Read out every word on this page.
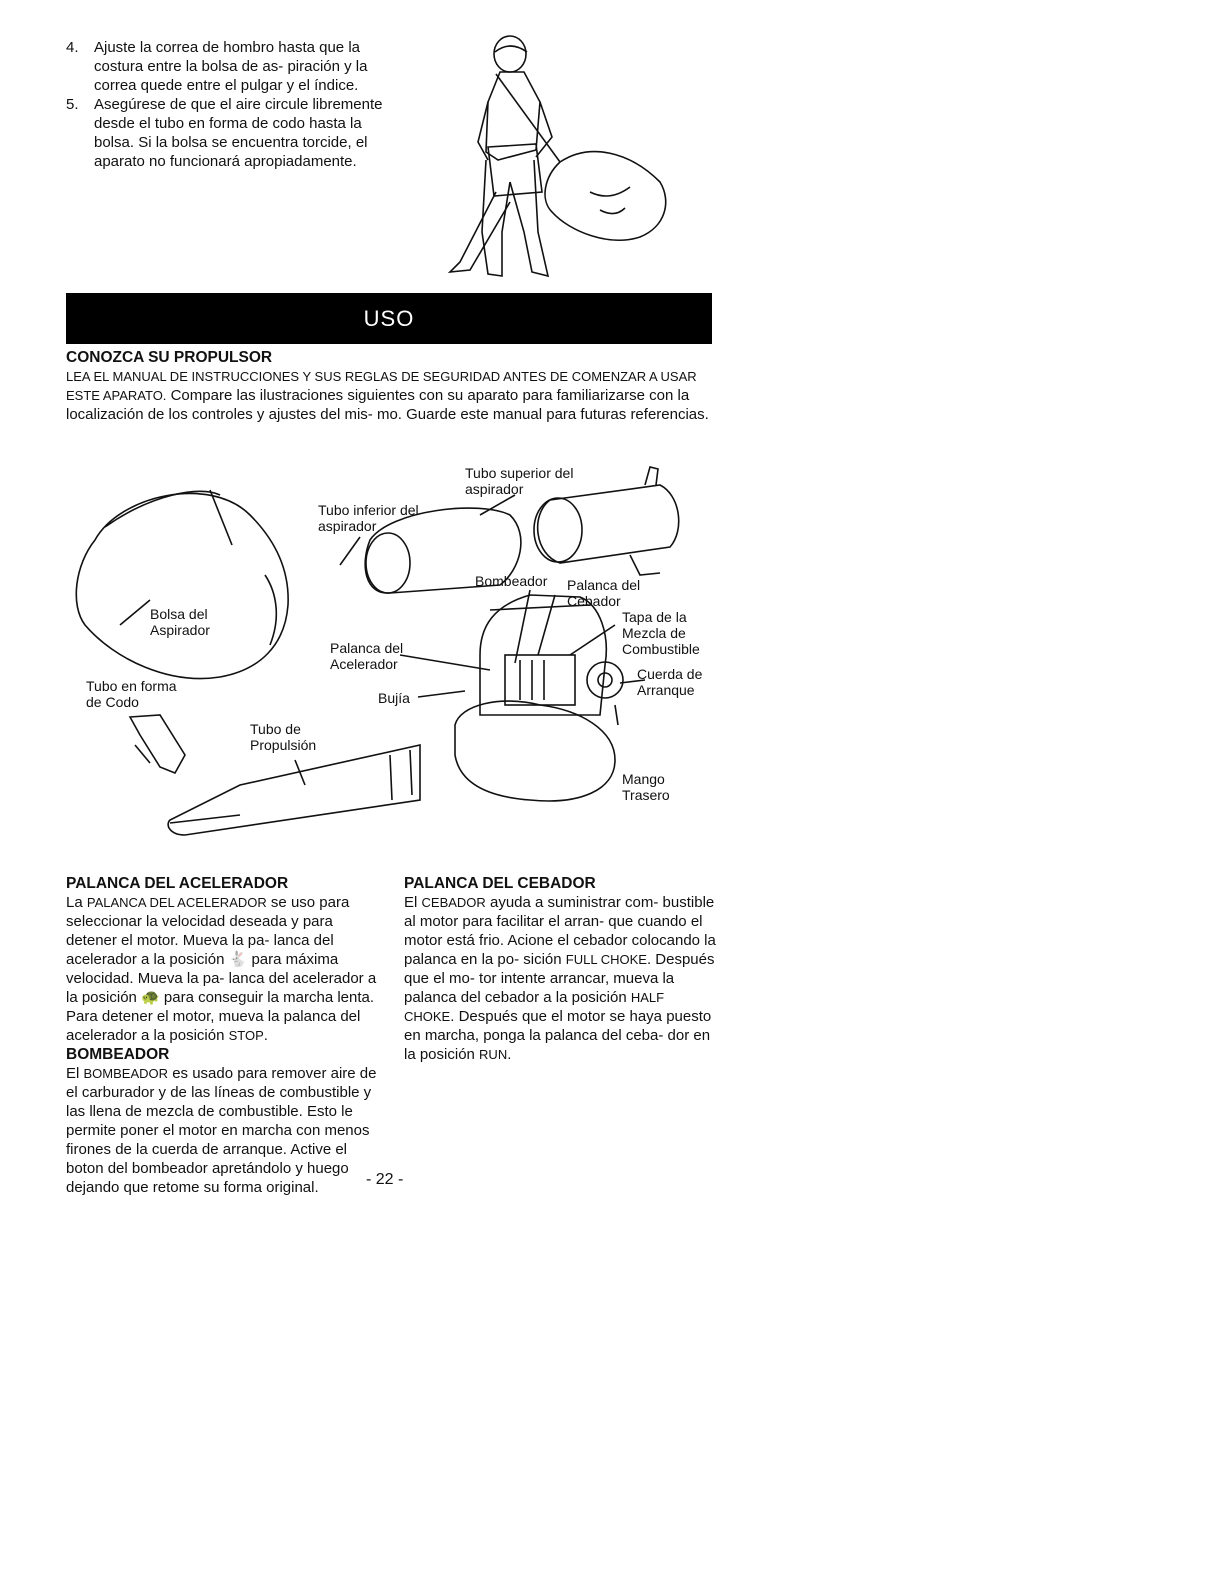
4. Ajuste la correa de hombro hasta que la costura entre la bolsa de as- piración y la correa quede entre el pulgar y el índice.
5. Asegúrese de que el aire circule libremente desde el tubo en forma de codo hasta la bolsa. Si la bolsa se encuentra torcide, el aparato no funcionará apropiadamente.
USO
CONOZCA SU PROPULSOR

LEA EL MANUAL DE INSTRUCCIONES Y SUS REGLAS DE SEGURIDAD ANTES DE COMENZAR A USAR ESTE APARATO. Compare las ilustraciones siguientes con su aparato para familiarizarse con la localización de los controles y ajustes del mis- mo. Guarde este manual para futuras referencias.

Tubo superior del
aspirador
Tubo inferior del
aspirador
Bolsa del
Aspirador
Bombeador Palanca del
Cebador
Tapa de la
Mezcla de
Combustible
Palanca del
Acelerador
Cuerda de
Arranque
Tubo en forma
de Codo	Bujía
Tubo de
Propulsión
Mango
Trasero
PALANCA DEL ACELERADOR

La PALANCA DEL ACELERADOR se uso para seleccionar la velocidad deseada y para detener el motor. Mueva la pa- lanca del acelerador a la posición 🐇 para máxima velocidad. Mueva la pa- lanca del acelerador a la posición 🐢 para conseguir la marcha lenta. Para detener el motor, mueva la palanca del acelerador a la posición STOP.

BOMBEADOR

El BOMBEADOR es usado para remover aire de el carburador y de las líneas de combustible y las llena de mezcla de combustible. Esto le permite poner el motor en marcha con menos firones de la cuerda de arranque. Active el boton del bombeador apretándolo y huego dejando que retome su forma original.

PALANCA DEL CEBADOR

El CEBADOR ayuda a suministrar com- bustible al motor para facilitar el arran- que cuando el motor está frio. Acione el cebador colocando la palanca en la po- sición FULL CHOKE. Después que el mo- tor intente arrancar, mueva la palanca del cebador a la posición HALF CHOKE. Después que el motor se haya puesto en marcha, ponga la palanca del ceba- dor en la posición RUN.

- 22 -
